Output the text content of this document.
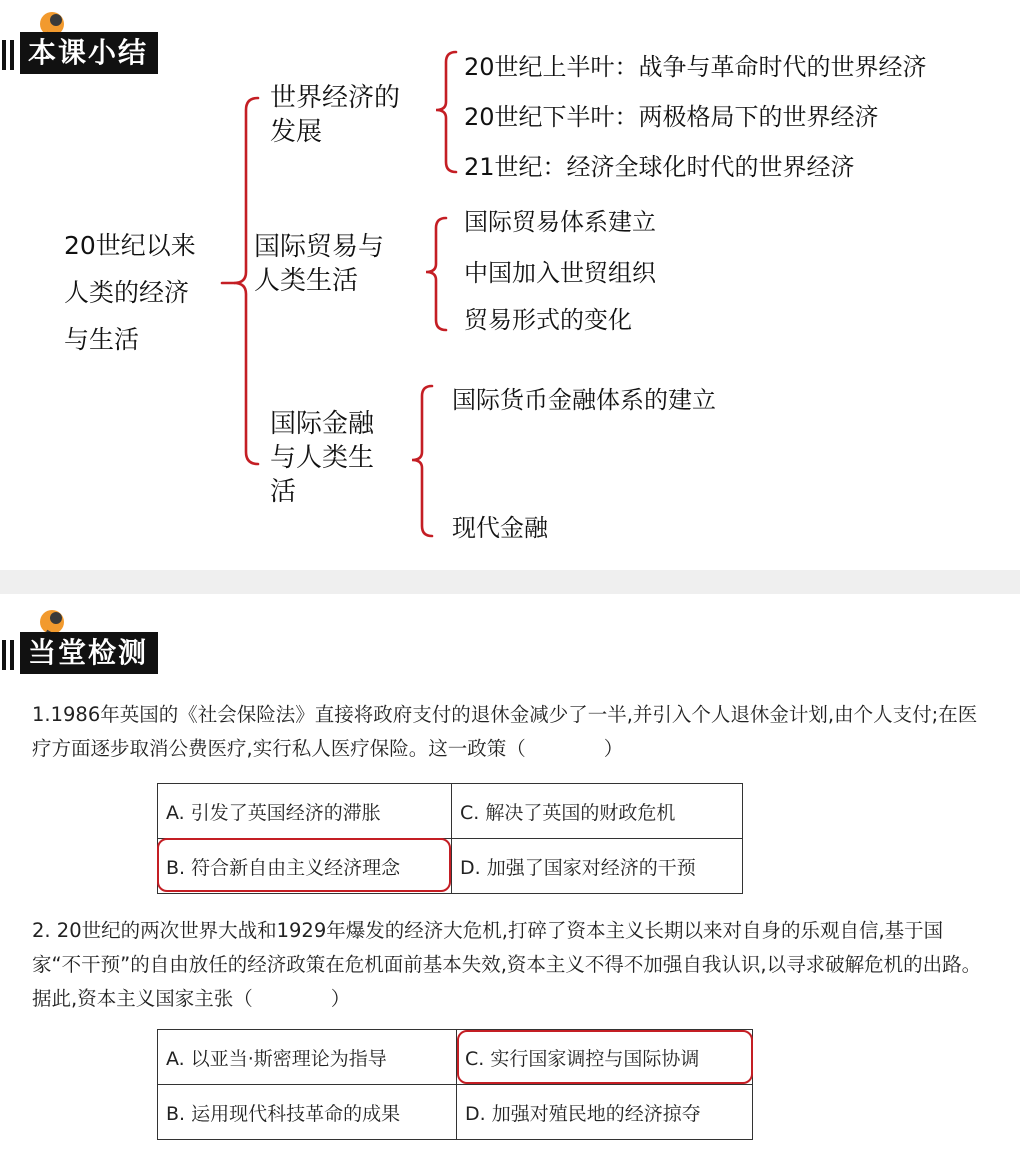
本课小结
20世纪以来
人类的经济
与生活
世界经济的
发展
20世纪上半叶：战争与革命时代的世界经济
20世纪下半叶：两极格局下的世界经济
21世纪：经济全球化时代的世界经济
国际贸易与
人类生活
国际贸易体系建立
中国加入世贸组织
贸易形式的变化
国际金融
与人类生
活
国际货币金融体系的建立
现代金融
当堂检测
1.1986年英国的《社会保险法》直接将政府支付的退休金减少了一半,并引入个人退休金计划,由个人支付;在医疗方面逐步取消公费医疗,实行私人医疗保险。这一政策（　　　　）
A. 引发了英国经济的滞胀	C. 解决了英国的财政危机
B. 符合新自由主义经济理念	D. 加强了国家对经济的干预
2. 20世纪的两次世界大战和1929年爆发的经济大危机,打碎了资本主义长期以来对自身的乐观自信,基于国家“不干预”的自由放任的经济政策在危机面前基本失效,资本主义不得不加强自我认识,以寻求破解危机的出路。据此,资本主义国家主张（　　　　）
A. 以亚当·斯密理论为指导	C. 实行国家调控与国际协调
B. 运用现代科技革命的成果	D. 加强对殖民地的经济掠夺
